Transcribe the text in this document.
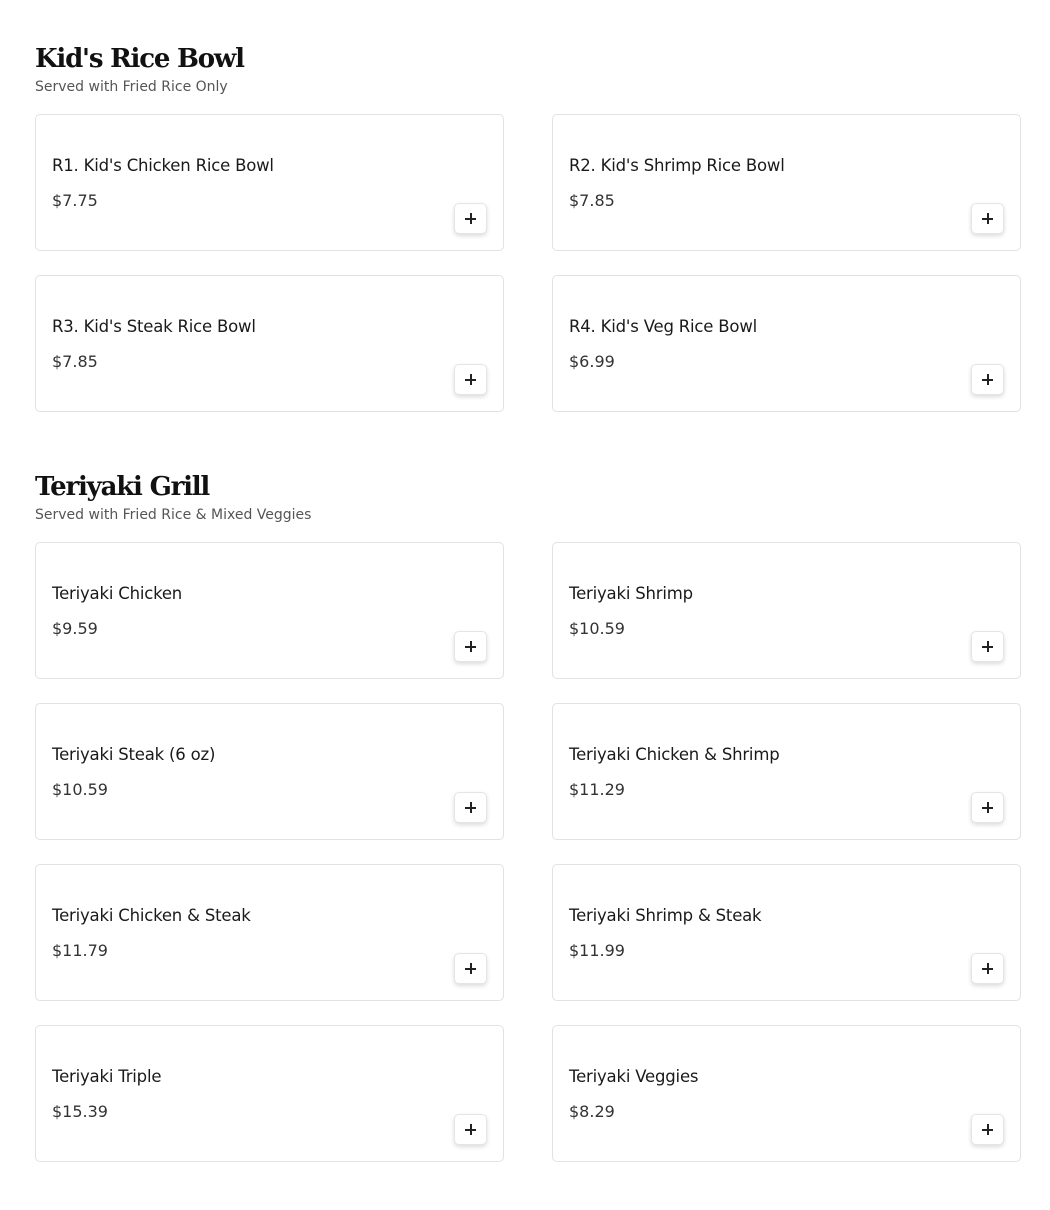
Kid's Rice Bowl
Served with Fried Rice Only
R1. Kid's Chicken Rice Bowl
$7.75
R2. Kid's Shrimp Rice Bowl
$7.85
R3. Kid's Steak Rice Bowl
$7.85
R4. Kid's Veg Rice Bowl
$6.99
Teriyaki Grill
Served with Fried Rice & Mixed Veggies
Teriyaki Chicken
$9.59
Teriyaki Shrimp
$10.59
Teriyaki Steak (6 oz)
$10.59
Teriyaki Chicken & Shrimp
$11.29
Teriyaki Chicken & Steak
$11.79
Teriyaki Shrimp & Steak
$11.99
Teriyaki Triple
$15.39
Teriyaki Veggies
$8.29
